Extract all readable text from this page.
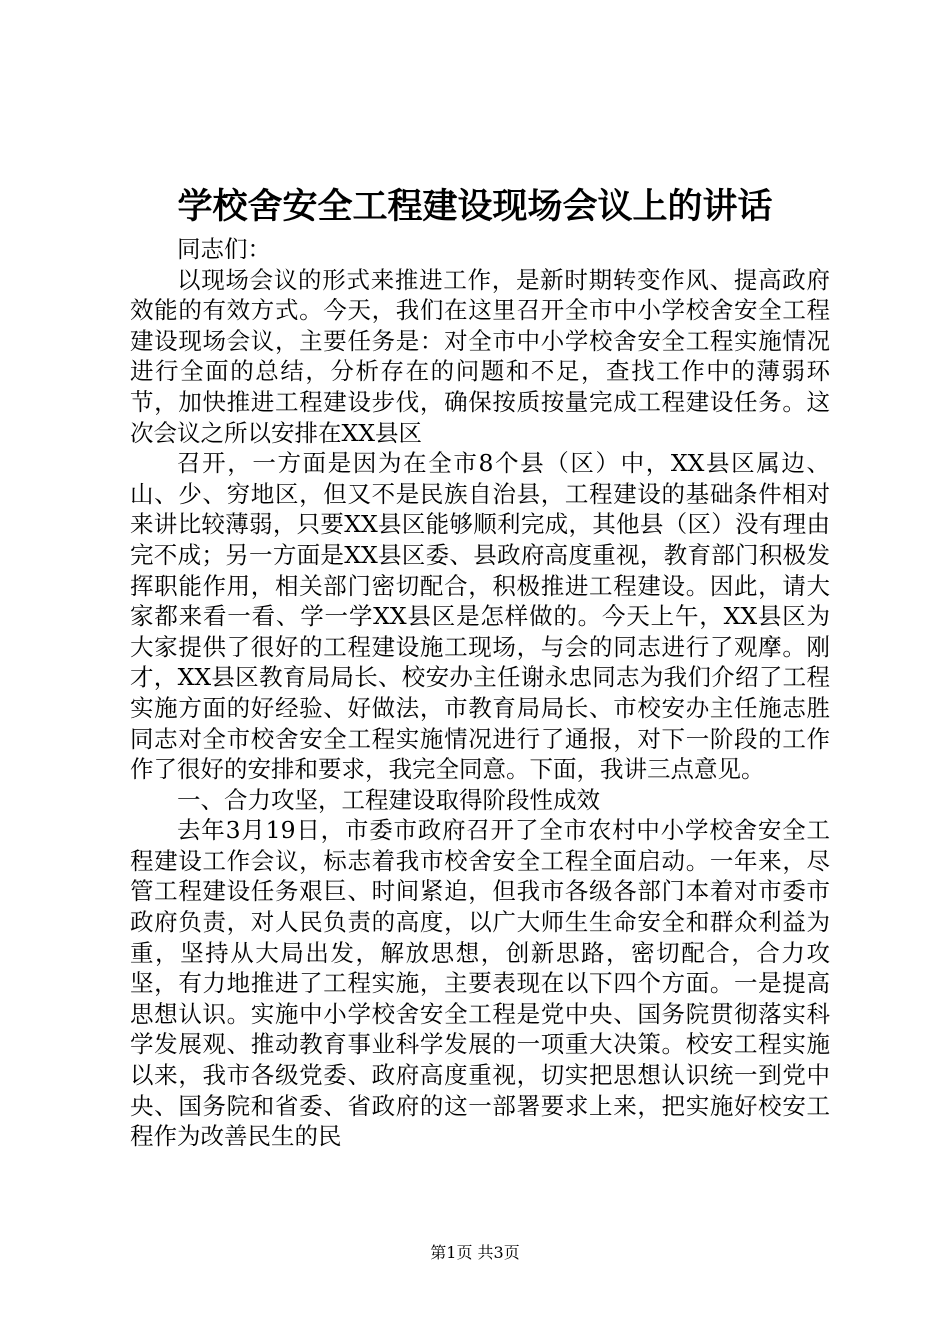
学校舍安全工程建设现场会议上的讲话

同志们：

以现场会议的形式来推进工作，是新时期转变作风、提高政府效能的有效方式。今天，我们在这里召开全市中小学校舍安全工程建设现场会议，主要任务是：对全市中小学校舍安全工程实施情况进行全面的总结，分析存在的问题和不足，查找工作中的薄弱环节，加快推进工程建设步伐，确保按质按量完成工程建设任务。这次会议之所以安排在XX县区

召开，一方面是因为在全市8个县（区）中，XX县区属边、山、少、穷地区，但又不是民族自治县，工程建设的基础条件相对来讲比较薄弱，只要XX县区能够顺利完成，其他县（区）没有理由完不成；另一方面是XX县区委、县政府高度重视，教育部门积极发挥职能作用，相关部门密切配合，积极推进工程建设。因此，请大家都来看一看、学一学XX县区是怎样做的。今天上午，XX县区为大家提供了很好的工程建设施工现场，与会的同志进行了观摩。刚才，XX县区教育局局长、校安办主任谢永忠同志为我们介绍了工程实施方面的好经验、好做法，市教育局局长、市校安办主任施志胜同志对全市校舍安全工程实施情况进行了通报，对下一阶段的工作作了很好的安排和要求，我完全同意。下面，我讲三点意见。

一、合力攻坚，工程建设取得阶段性成效

去年3月19日，市委市政府召开了全市农村中小学校舍安全工程建设工作会议，标志着我市校舍安全工程全面启动。一年来，尽管工程建设任务艰巨、时间紧迫，但我市各级各部门本着对市委市政府负责，对人民负责的高度，以广大师生生命安全和群众利益为重，坚持从大局出发，解放思想，创新思路，密切配合，合力攻坚，有力地推进了工程实施，主要表现在以下四个方面。一是提高思想认识。实施中小学校舍安全工程是党中央、国务院贯彻落实科学发展观、推动教育事业科学发展的一项重大决策。校安工程实施以来，我市各级党委、政府高度重视，切实把思想认识统一到党中央、国务院和省委、省政府的这一部署要求上来，把实施好校安工程作为改善民生的民

第1页 共3页
